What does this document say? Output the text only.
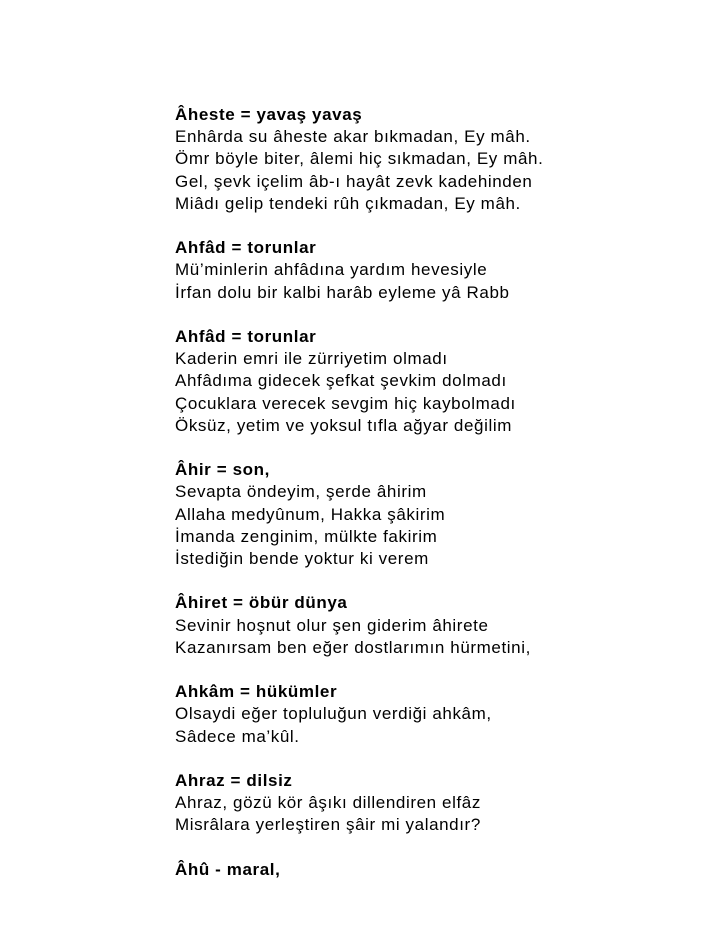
Âheste = yavaş yavaş
Enhârda su âheste akar bıkmadan, Ey mâh.
Ömr böyle biter, âlemi hiç sıkmadan, Ey mâh.
Gel, şevk içelim âb-ı hayât zevk kadehinden
Miâdı gelip tendeki rûh çıkmadan, Ey mâh.
Ahfâd = torunlar
Mü’minlerin ahfâdına yardım hevesiyle
İrfan dolu bir kalbi harâb eyleme yâ Rabb
Ahfâd = torunlar
Kaderin emri ile zürriyetim olmadı
Ahfâdıma gidecek şefkat şevkim dolmadı
Çocuklara verecek sevgim hiç kaybolmadı
Öksüz, yetim ve yoksul tıfla ağyar değilim
Âhir = son,
Sevapta öndeyim, şerde âhirim
Allaha medyûnum, Hakka şâkirim
İmanda zenginim, mülkte fakirim
İstediğin bende yoktur ki verem
Âhiret = öbür dünya
Sevinir hoşnut olur şen giderim âhirete
Kazanırsam ben eğer dostlarımın hürmetini,
Ahkâm = hükümler
Olsaydi eğer topluluğun verdiği ahkâm,
Sâdece ma’kûl.
Ahraz = dilsiz
Ahraz, gözü kör âşıkı dillendiren elfâz
Misrâlara yerleştiren şâir mi yalandır?
Âhû - maral,
